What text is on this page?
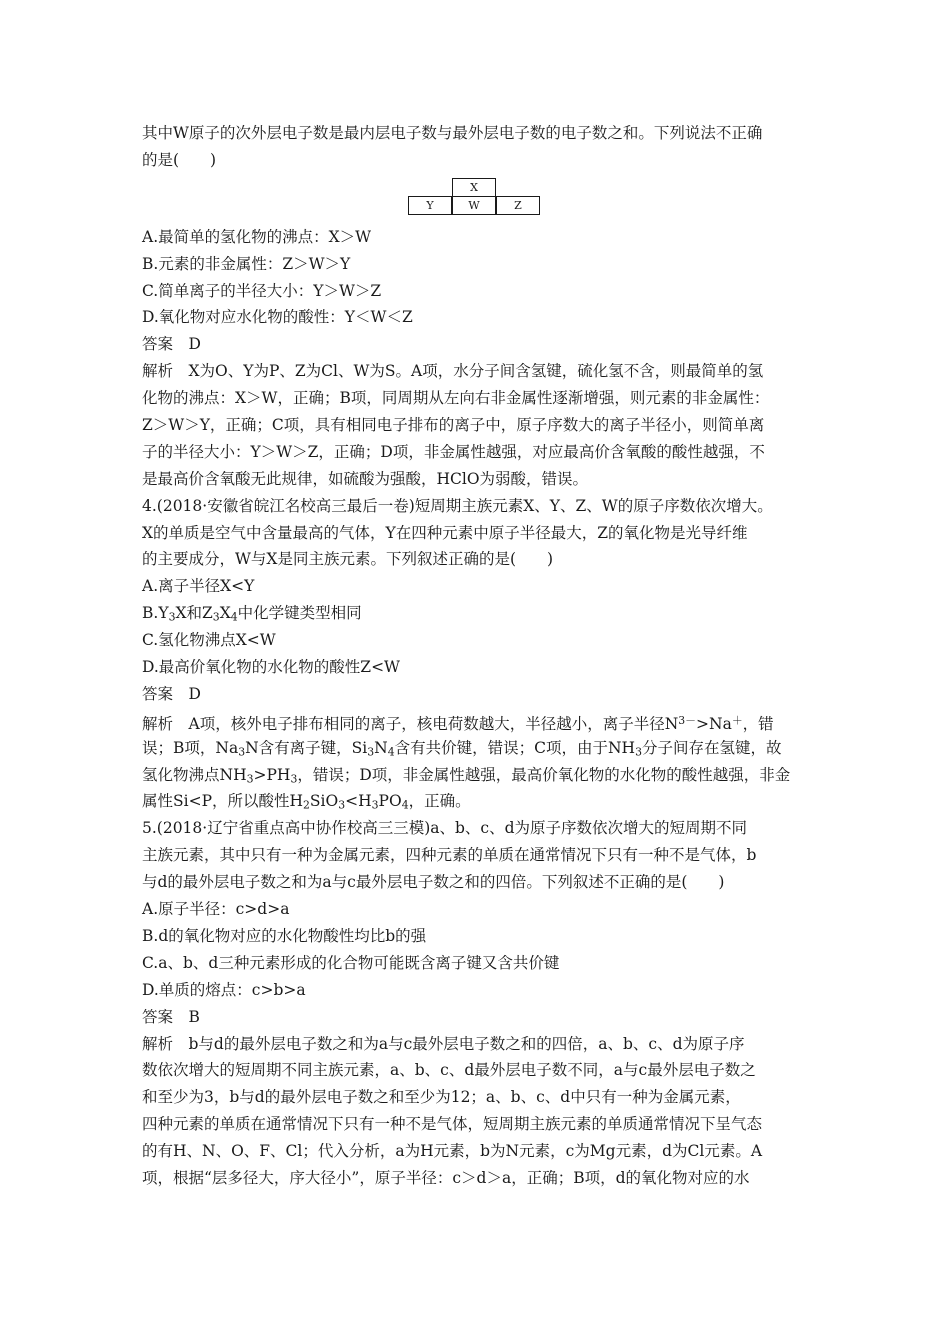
其中W原子的次外层电子数是最内层电子数与最外层电子数的电子数之和。下列说法不正确
的是(　　)
X
Y	W	Z
A.最简单的氢化物的沸点：X＞W
B.元素的非金属性：Z＞W＞Y
C.简单离子的半径大小：Y＞W＞Z
D.氧化物对应水化物的酸性：Y＜W＜Z
答案　D
解析　X为O、Y为P、Z为Cl、W为S。A项，水分子间含氢键，硫化氢不含，则最简单的氢
化物的沸点：X＞W，正确；B项，同周期从左向右非金属性逐渐增强，则元素的非金属性：
Z＞W＞Y，正确；C项，具有相同电子排布的离子中，原子序数大的离子半径小，则简单离
子的半径大小：Y＞W＞Z，正确；D项，非金属性越强，对应最高价含氧酸的酸性越强，不
是最高价含氧酸无此规律，如硫酸为强酸，HClO为弱酸，错误。
4.(2018·安徽省皖江名校高三最后一卷)短周期主族元素X、Y、Z、W的原子序数依次增大。
X的单质是空气中含量最高的气体，Y在四种元素中原子半径最大，Z的氧化物是光导纤维
的主要成分，W与X是同主族元素。下列叙述正确的是(　　)
A.离子半径X<Y
$B.Y_3X$和$Z_3X_4$中化学键类型相同
C.氢化物沸点X<W
D.最高价氧化物的水化物的酸性Z<W
答案　D
解析　A项，核外电子排布相同的离子，核电荷数越大，半径越小，离子半径$N^{3-}>Na^+$，错
误；B项，$Na_3N$含有离子键，$Si_3N_4$含有共价键，错误；C项，由于$NH_3$分子间存在氢键，故
氢化物沸点$NH_3>PH_3$，错误；D项，非金属性越强，最高价氧化物的水化物的酸性越强，非金
属性Si<P，所以酸性$H_2SiO_3<H_3PO_4$，正确。
5.(2018·辽宁省重点高中协作校高三三模)a、b、c、d为原子序数依次增大的短周期不同
主族元素，其中只有一种为金属元素，四种元素的单质在通常情况下只有一种不是气体，b
与d的最外层电子数之和为a与c最外层电子数之和的四倍。下列叙述不正确的是(　　)
A.原子半径：c>d>a
B.d的氧化物对应的水化物酸性均比b的强
C.a、b、d三种元素形成的化合物可能既含离子键又含共价键
D.单质的熔点：c>b>a
答案　B
解析　b与d的最外层电子数之和为a与c最外层电子数之和的四倍，a、b、c、d为原子序
数依次增大的短周期不同主族元素，a、b、c、d最外层电子数不同，a与c最外层电子数之
和至少为3，b与d的最外层电子数之和至少为12；a、b、c、d中只有一种为金属元素，
四种元素的单质在通常情况下只有一种不是气体，短周期主族元素的单质通常情况下呈气态
的有H、N、O、F、Cl；代入分析，a为H元素，b为N元素，c为Mg元素，d为Cl元素。A
项，根据“层多径大，序大径小”，原子半径：c＞d＞a，正确；B项，d的氧化物对应的水
